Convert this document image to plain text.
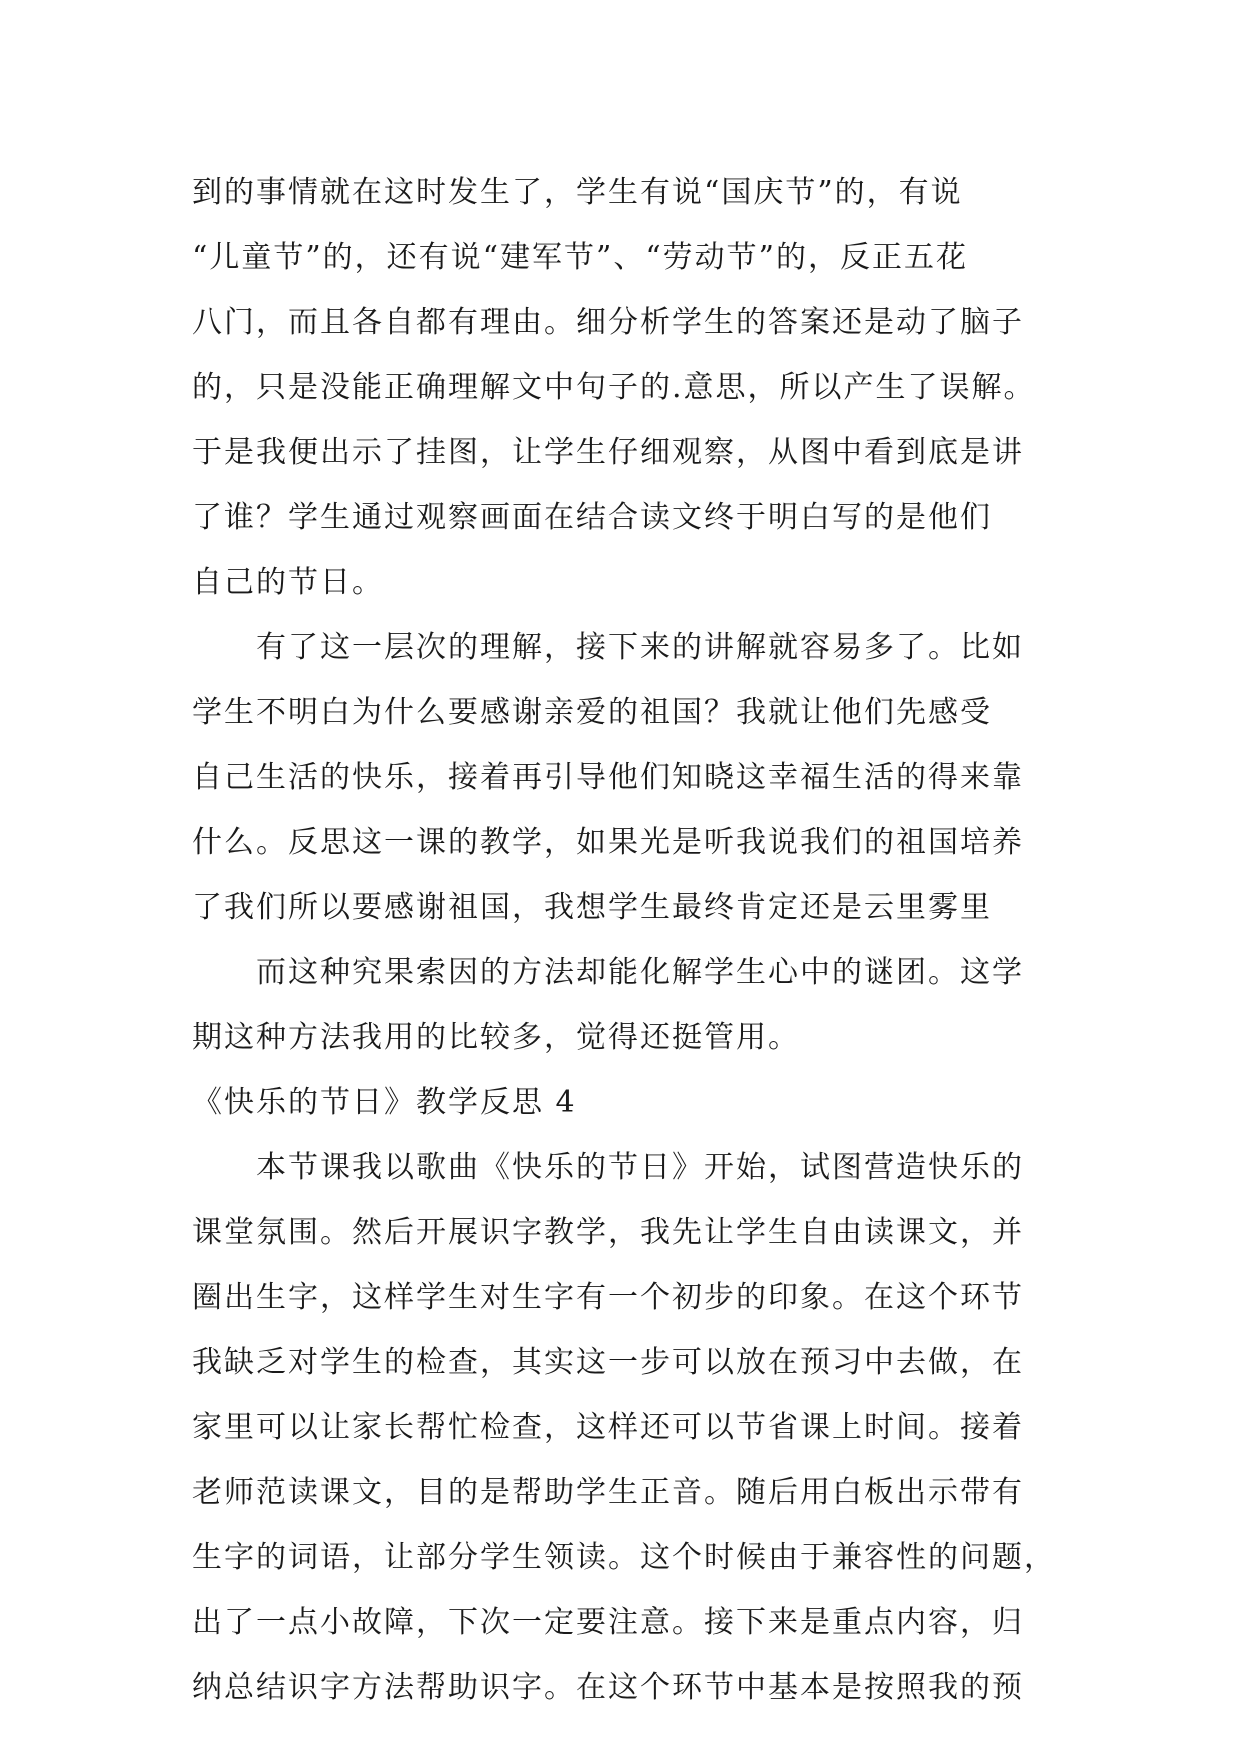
到的事情就在这时发生了，学生有说“国庆节”的，有说
“儿童节”的，还有说“建军节”、“劳动节”的，反正五花
八门，而且各自都有理由。细分析学生的答案还是动了脑子
的，只是没能正确理解文中句子的.意思，所以产生了误解。
于是我便出示了挂图，让学生仔细观察，从图中看到底是讲
了谁？学生通过观察画面在结合读文终于明白写的是他们
自己的节日。
　　有了这一层次的理解，接下来的讲解就容易多了。比如
学生不明白为什么要感谢亲爱的祖国？我就让他们先感受
自己生活的快乐，接着再引导他们知晓这幸福生活的得来靠
什么。反思这一课的教学，如果光是听我说我们的祖国培养
了我们所以要感谢祖国，我想学生最终肯定还是云里雾里
　　而这种究果索因的方法却能化解学生心中的谜团。这学
期这种方法我用的比较多，觉得还挺管用。
《快乐的节日》教学反思 4
　　本节课我以歌曲《快乐的节日》开始，试图营造快乐的
课堂氛围。然后开展识字教学，我先让学生自由读课文，并
圈出生字，这样学生对生字有一个初步的印象。在这个环节
我缺乏对学生的检查，其实这一步可以放在预习中去做，在
家里可以让家长帮忙检查，这样还可以节省课上时间。接着
老师范读课文，目的是帮助学生正音。随后用白板出示带有
生字的词语，让部分学生领读。这个时候由于兼容性的问题，
出了一点小故障，下次一定要注意。接下来是重点内容，归
纳总结识字方法帮助识字。在这个环节中基本是按照我的预
